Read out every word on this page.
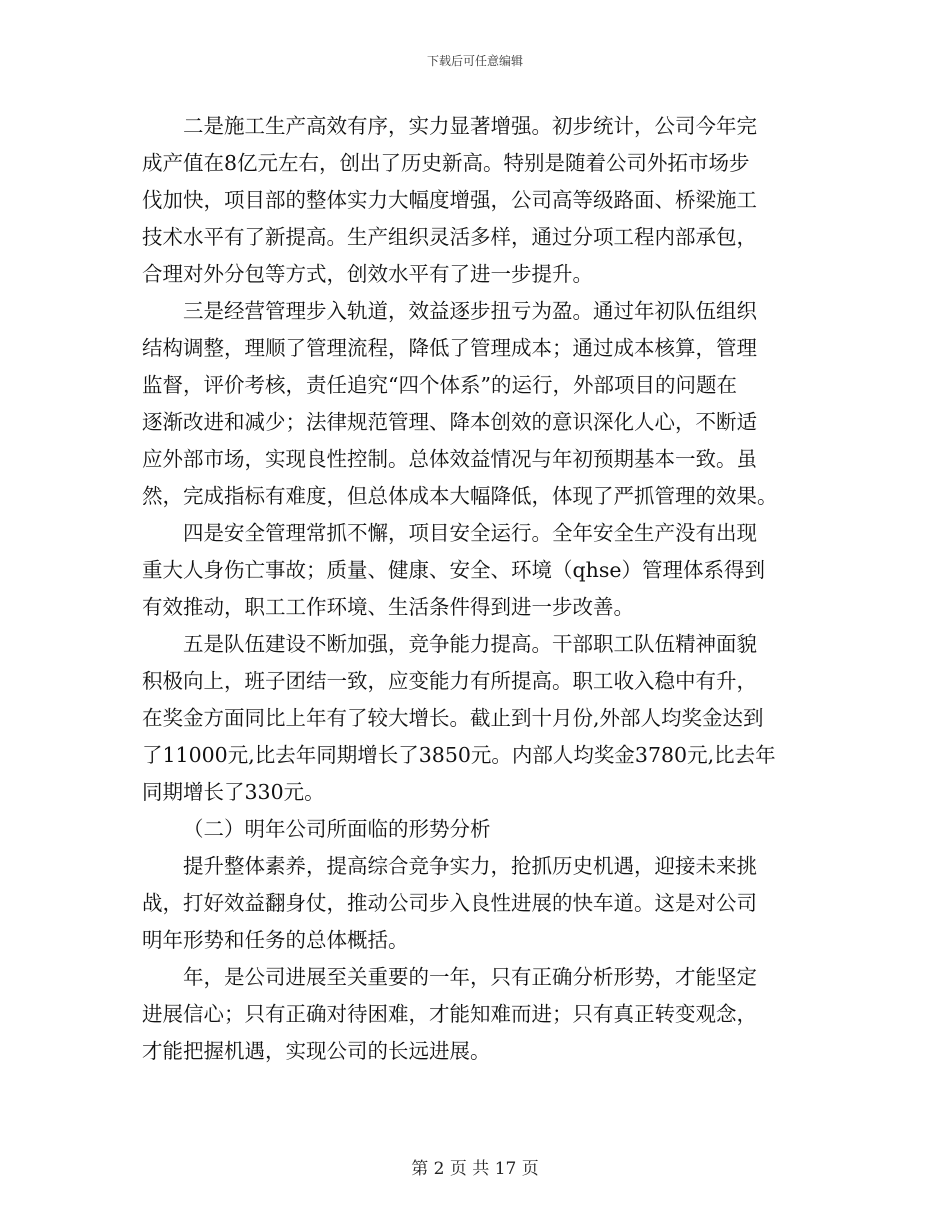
下载后可任意编辑
二是施工生产高效有序，实力显著增强。初步统计，公司今年完
成产值在8亿元左右，创出了历史新高。特别是随着公司外拓市场步
伐加快，项目部的整体实力大幅度增强，公司高等级路面、桥梁施工
技术水平有了新提高。生产组织灵活多样，通过分项工程内部承包，
合理对外分包等方式，创效水平有了进一步提升。
三是经营管理步入轨道，效益逐步扭亏为盈。通过年初队伍组织
结构调整，理顺了管理流程，降低了管理成本；通过成本核算，管理
监督，评价考核，责任追究“四个体系”的运行，外部项目的问题在
逐渐改进和减少；法律规范管理、降本创效的意识深化人心，不断适
应外部市场，实现良性控制。总体效益情况与年初预期基本一致。虽
然，完成指标有难度，但总体成本大幅降低，体现了严抓管理的效果。
四是安全管理常抓不懈，项目安全运行。全年安全生产没有出现
重大人身伤亡事故；质量、健康、安全、环境（qhse）管理体系得到
有效推动，职工工作环境、生活条件得到进一步改善。
五是队伍建设不断加强，竞争能力提高。干部职工队伍精神面貌
积极向上，班子团结一致，应变能力有所提高。职工收入稳中有升，
在奖金方面同比上年有了较大增长。截止到十月份,外部人均奖金达到
了11000元,比去年同期增长了3850元。内部人均奖金3780元,比去年
同期增长了330元。
（二）明年公司所面临的形势分析
提升整体素养，提高综合竞争实力，抢抓历史机遇，迎接未来挑
战，打好效益翻身仗，推动公司步入良性进展的快车道。这是对公司
明年形势和任务的总体概括。
年，是公司进展至关重要的一年，只有正确分析形势，才能坚定
进展信心；只有正确对待困难，才能知难而进；只有真正转变观念，
才能把握机遇，实现公司的长远进展。
第 2 页 共 17 页
